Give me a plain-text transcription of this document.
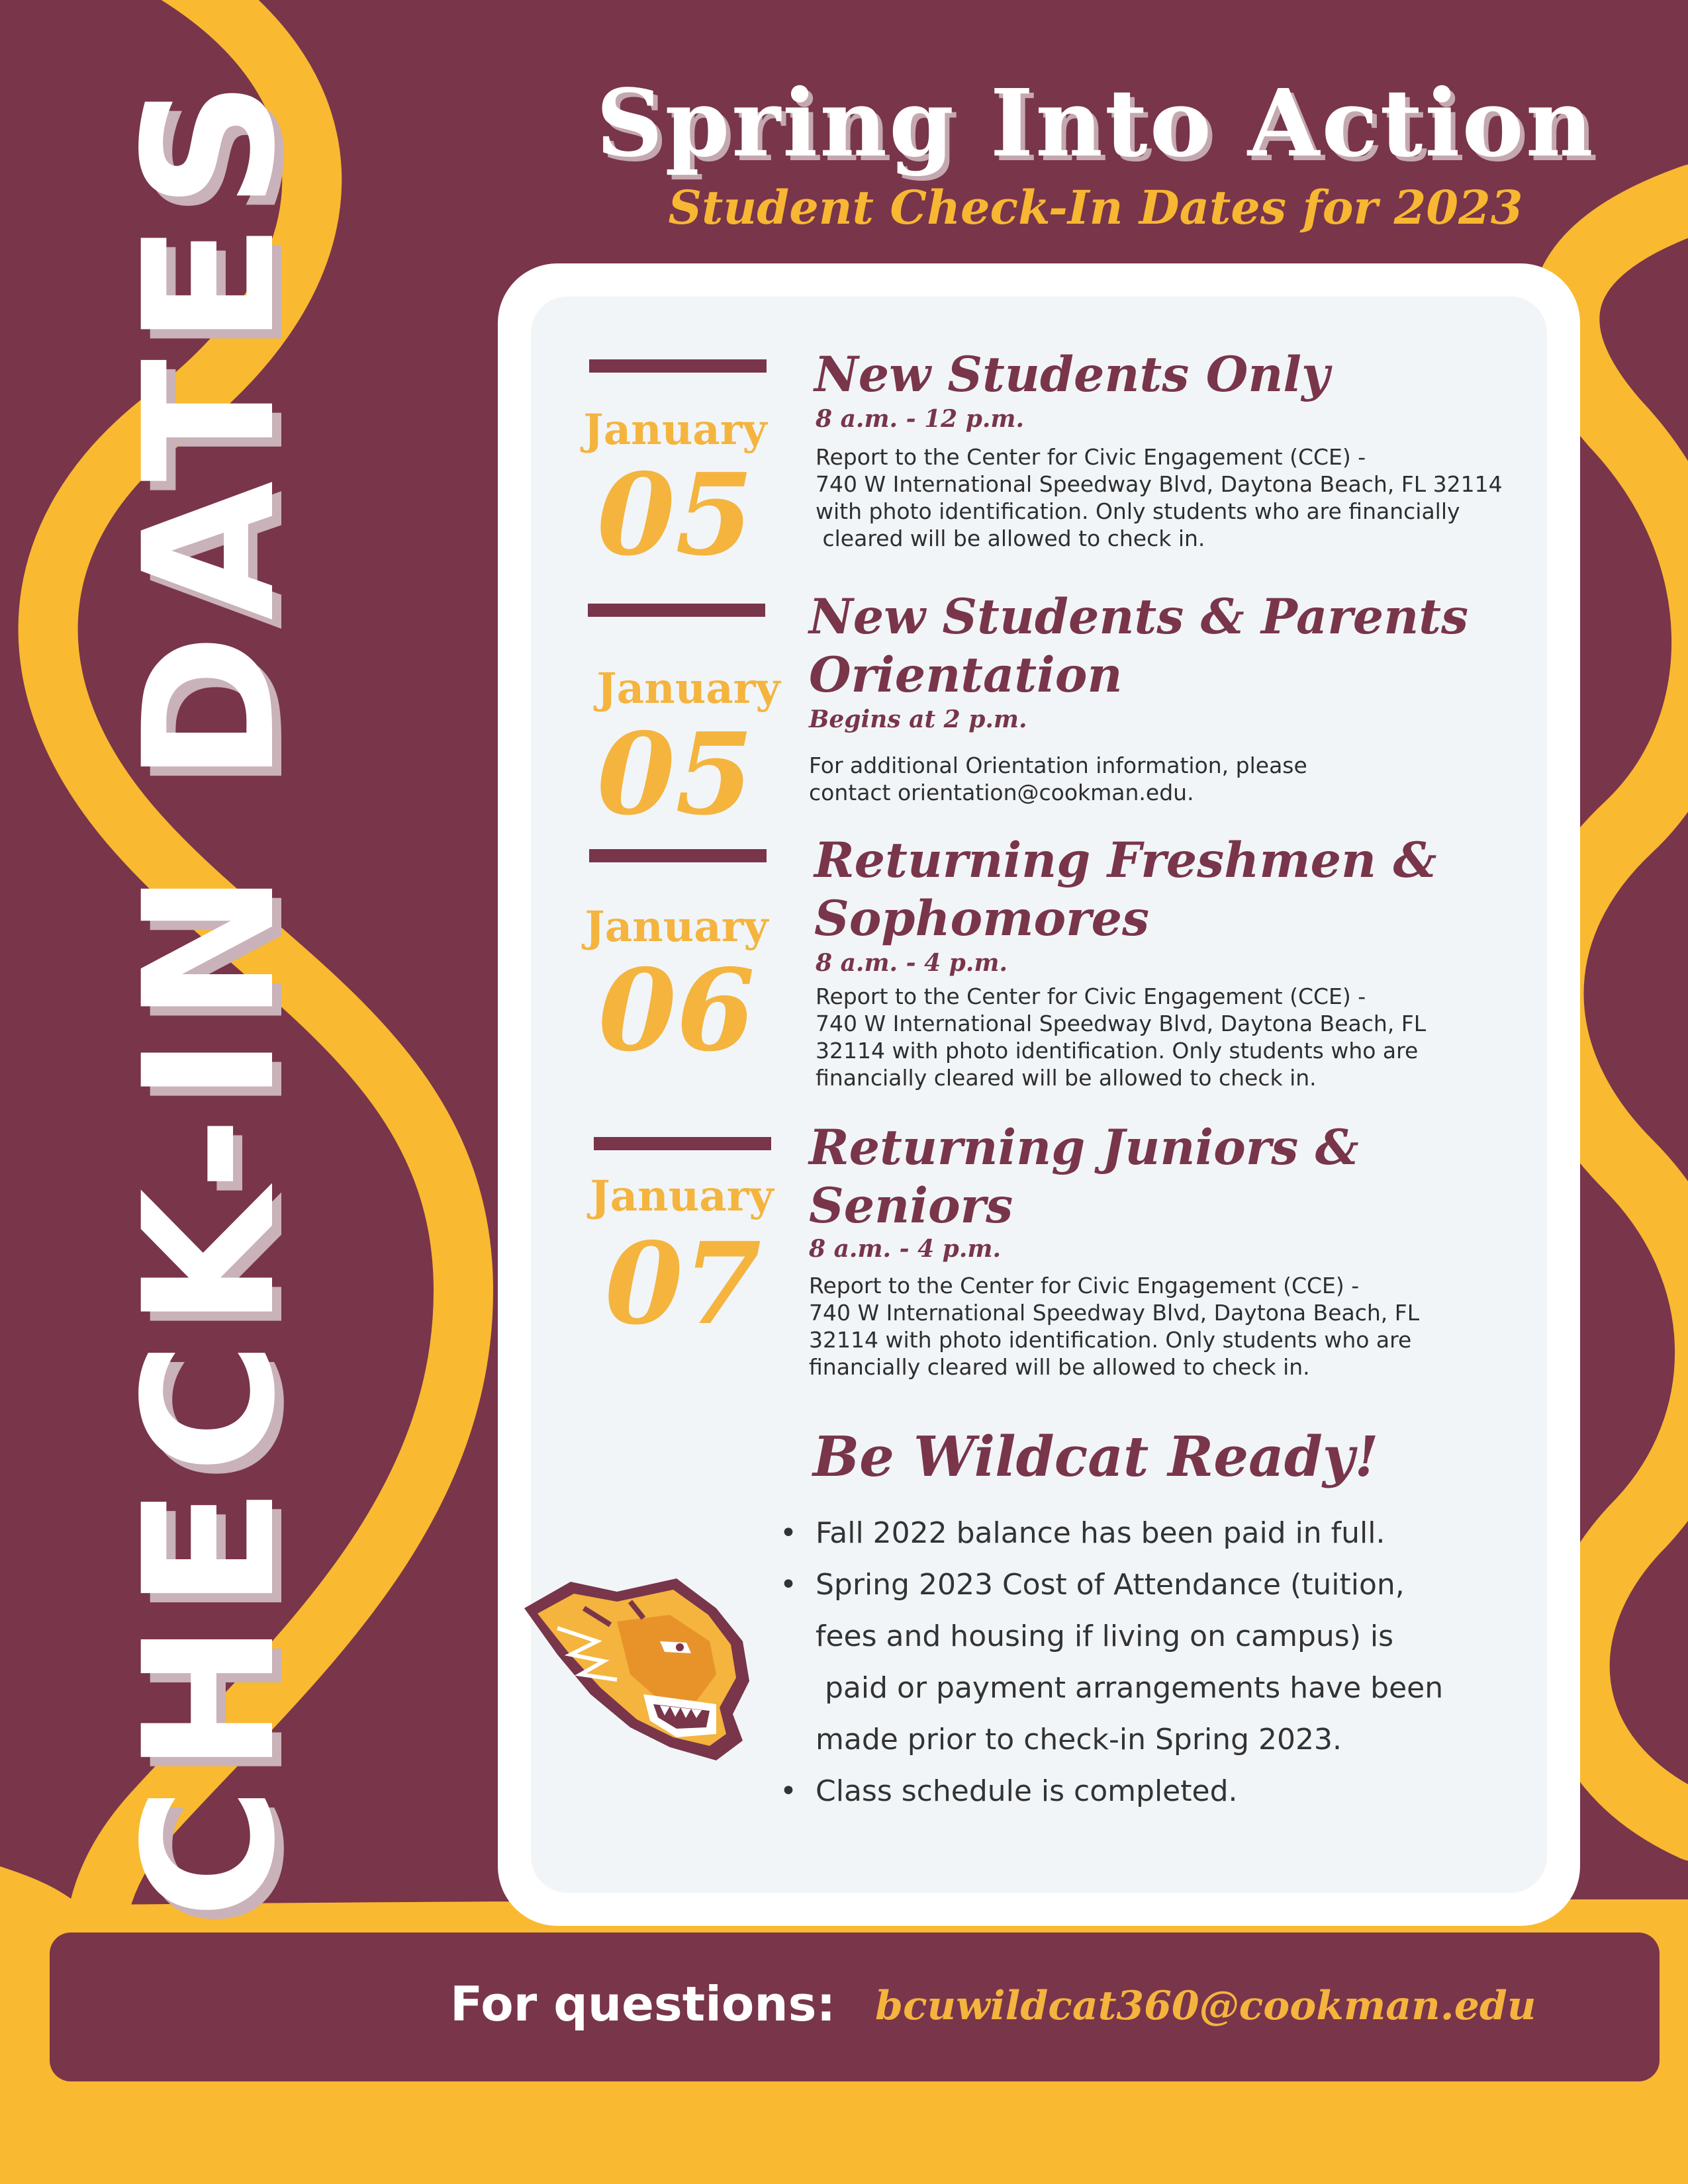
CHECK-IN DATES	Spring Into Action
Student Check-In Dates for 2023
January
05
New Students Only
8 a.m. - 12 p.m.
Report to the Center for Civic Engagement (CCE) -
740 W International Speedway Blvd, Daytona Beach, FL 32114
with photo identification. Only students who are financially
cleared will be allowed to check in.
January
05
New Students & Parents
Orientation
Begins at 2 p.m.
For additional Orientation information, please
contact orientation@cookman.edu.
January
06
Returning Freshmen &
Sophomores
8 a.m. - 4 p.m.
Report to the Center for Civic Engagement (CCE) -
740 W International Speedway Blvd, Daytona Beach, FL
32114 with photo identification. Only students who are
financially cleared will be allowed to check in.
January
07
Returning Juniors &
Seniors
8 a.m. - 4 p.m.
Report to the Center for Civic Engagement (CCE) -
740 W International Speedway Blvd, Daytona Beach, FL
32114 with photo identification. Only students who are
financially cleared will be allowed to check in.
Be Wildcat Ready!
• Fall 2022 balance has been paid in full.
• Spring 2023 Cost of Attendance (tuition,
fees and housing if living on campus) is
paid or payment arrangements have been
made prior to check-in Spring 2023.
• Class schedule is completed.
For questions: bcuwildcat360@cookman.edu
